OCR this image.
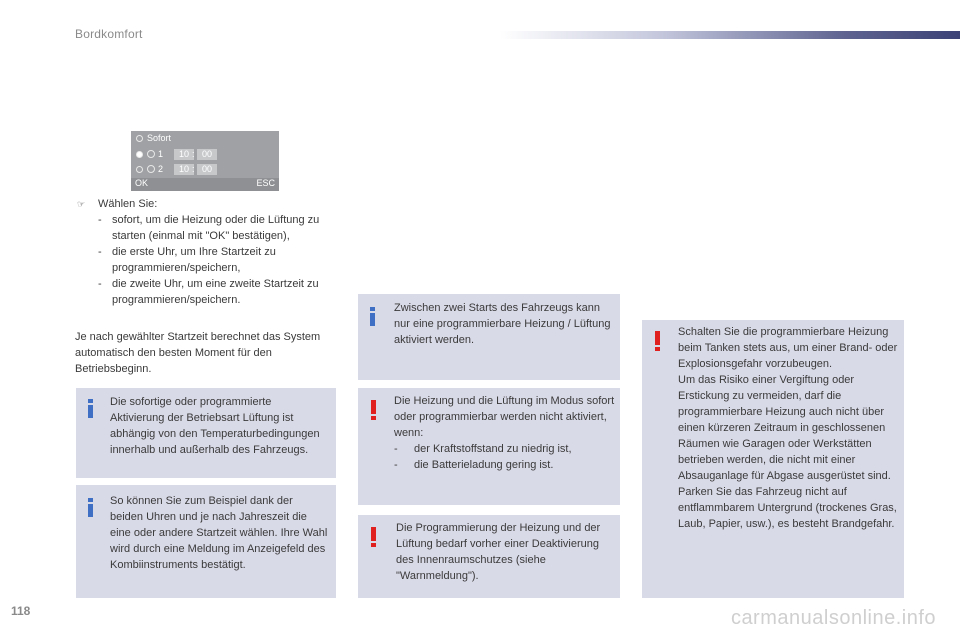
Bordkomfort
Sofort
1	10 : 00
2	10 : 00
OK	ESC
☞ Wählen Sie:
- sofort, um die Heizung oder die Lüftung zu starten (einmal mit "OK" bestätigen),
- die erste Uhr, um Ihre Startzeit zu programmieren/speichern,
- die zweite Uhr, um eine zweite Startzeit zu programmieren/speichern.
Je nach gewählter Startzeit berechnet das System automatisch den besten Moment für den Betriebsbeginn.
Die sofortige oder programmierte Aktivierung der Betriebsart Lüftung ist abhängig von den Temperaturbedingungen innerhalb und außerhalb des Fahrzeugs.
So können Sie zum Beispiel dank der beiden Uhren und je nach Jahreszeit die eine oder andere Startzeit wählen. Ihre Wahl wird durch eine Meldung im Anzeigefeld des Kombiinstruments bestätigt.
Zwischen zwei Starts des Fahrzeugs kann nur eine programmierbare Heizung / Lüftung aktiviert werden.
Die Heizung und die Lüftung im Modus sofort oder programmierbar werden nicht aktiviert, wenn:
- der Kraftstoffstand zu niedrig ist,
- die Batterieladung gering ist.
Die Programmierung der Heizung und der Lüftung bedarf vorher einer Deaktivierung des Innenraumschutzes (siehe "Warnmeldung").
Schalten Sie die programmierbare Heizung beim Tanken stets aus, um einer Brand- oder Explosionsgefahr vorzubeugen.
Um das Risiko einer Vergiftung oder Erstickung zu vermeiden, darf die programmierbare Heizung auch nicht über einen kürzeren Zeitraum in geschlossenen Räumen wie Garagen oder Werkstätten betrieben werden, die nicht mit einer Absauganlage für Abgase ausgerüstet sind.
Parken Sie das Fahrzeug nicht auf entflammbarem Untergrund (trockenes Gras, Laub, Papier, usw.), es besteht Brandgefahr.
118	carmanualsonline.info
